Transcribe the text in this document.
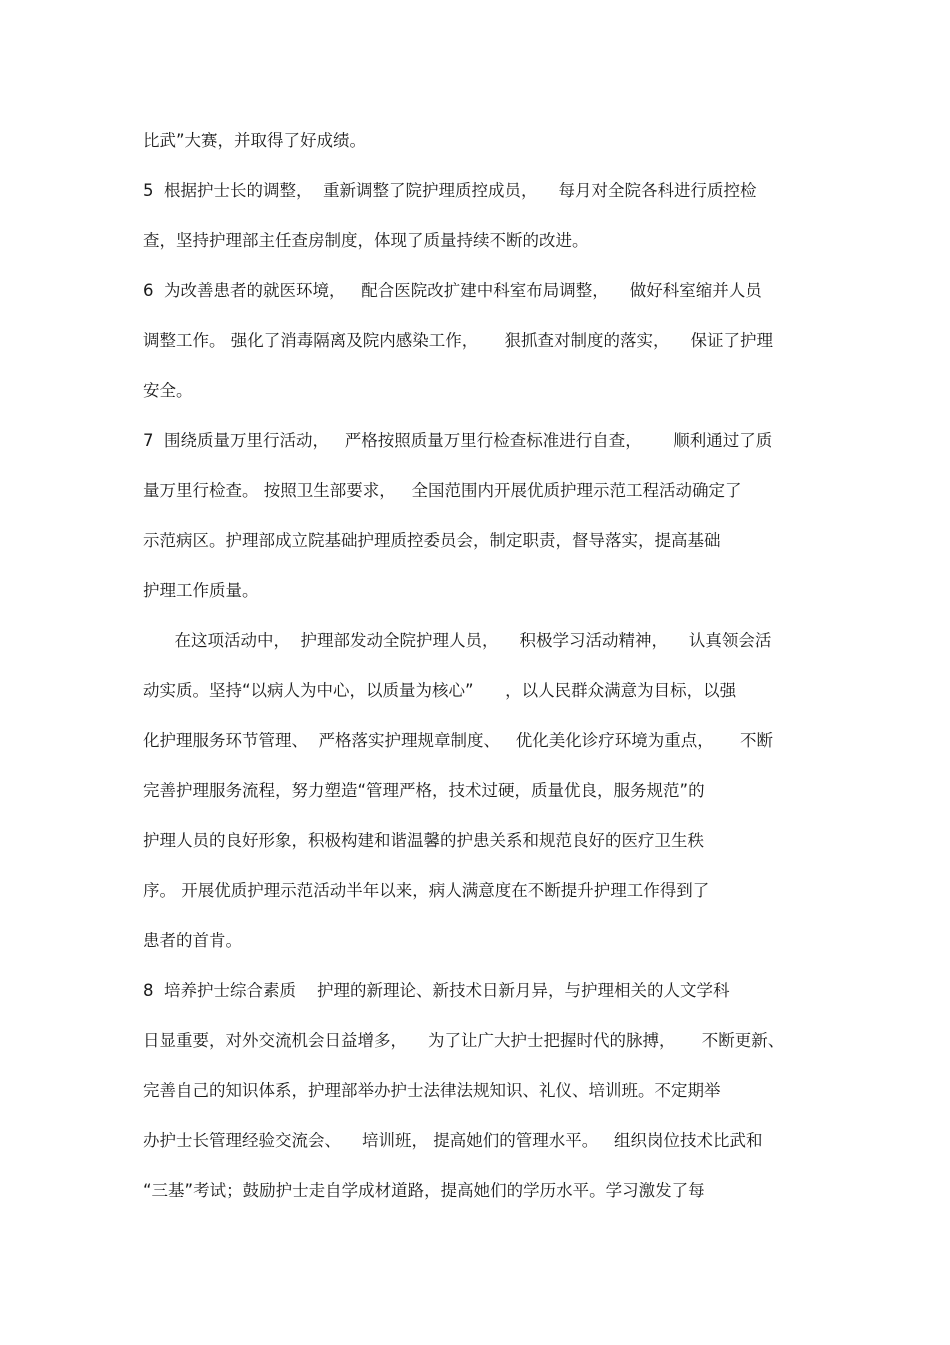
比武”大赛，并取得了好成绩。

5  根据护士长的调整，  重新调整了院护理质控成员，    每月对全院各科进行质控检

查，坚持护理部主任查房制度，体现了质量持续不断的改进。

6  为改善患者的就医环境，   配合医院改扩建中科室布局调整，    做好科室缩并人员

调整工作。 强化了消毒隔离及院内感染工作，     狠抓查对制度的落实，    保证了护理

安全。

7  围绕质量万里行活动，   严格按照质量万里行检查标准进行自查，      顺利通过了质

量万里行检查。 按照卫生部要求，   全国范围内开展优质护理示范工程活动确定了

示范病区。护理部成立院基础护理质控委员会，制定职责，督导落实，提高基础

护理工作质量。

在这项活动中，  护理部发动全院护理人员，    积极学习活动精神，    认真领会活

动实质。坚持“以病人为中心，以质量为核心”      ，以人民群众满意为目标，以强

化护理服务环节管理、  严格落实护理规章制度、   优化美化诊疗环境为重点，     不断

完善护理服务流程，努力塑造“管理严格，技术过硬，质量优良，服务规范”的

护理人员的良好形象，积极构建和谐温馨的护患关系和规范良好的医疗卫生秩

序。 开展优质护理示范活动半年以来，病人满意度在不断提升护理工作得到了

患者的首肯。

8  培养护士综合素质    护理的新理论、新技术日新月异，与护理相关的人文学科

日显重要，对外交流机会日益增多，    为了让广大护士把握时代的脉搏，     不断更新、

完善自己的知识体系，护理部举办护士法律法规知识、礼仪、培训班。不定期举

办护士长管理经验交流会、    培训班， 提高她们的管理水平。   组织岗位技术比武和

“三基”考试；鼓励护士走自学成材道路，提高她们的学历水平。学习激发了每
